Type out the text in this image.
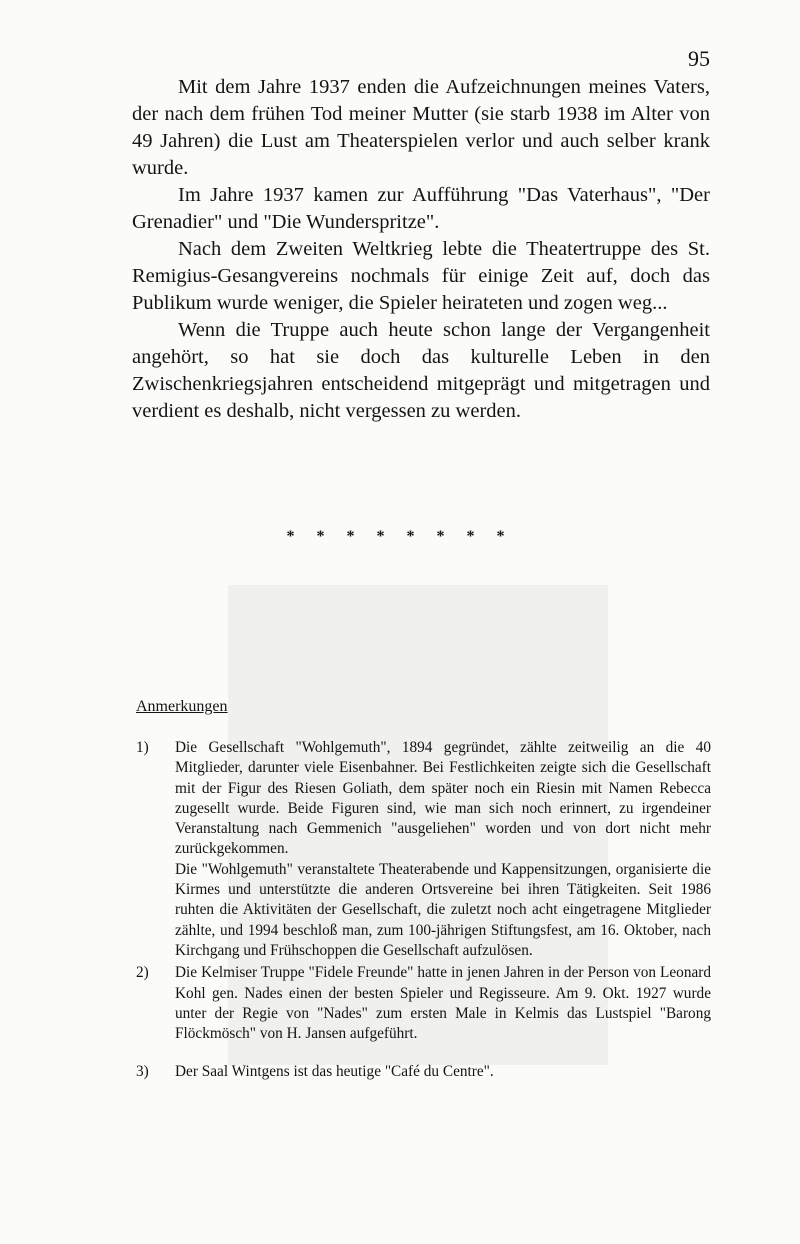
95

Mit dem Jahre 1937 enden die Aufzeichnungen meines Vaters, der nach dem frühen Tod meiner Mutter (sie starb 1938 im Alter von 49 Jahren) die Lust am Theaterspielen verlor und auch selber krank wurde.

Im Jahre 1937 kamen zur Aufführung "Das Vaterhaus", "Der Grenadier" und "Die Wunderspritze".

Nach dem Zweiten Weltkrieg lebte die Theatertruppe des St. Remigius-Gesangvereins nochmals für einige Zeit auf, doch das Publikum wurde weniger, die Spieler heirateten und zogen weg...

Wenn die Truppe auch heute schon lange der Vergangenheit angehört, so hat sie doch das kulturelle Leben in den Zwischenkriegsjahren entscheidend mitgeprägt und mitgetragen und verdient es deshalb, nicht vergessen zu werden.

* * * * * * * *
Anmerkungen
1) Die Gesellschaft "Wohlgemuth", 1894 gegründet, zählte zeitweilig an die 40 Mitglieder, darunter viele Eisenbahner. Bei Festlichkeiten zeigte sich die Gesellschaft mit der Figur des Riesen Goliath, dem später noch ein Riesin mit Namen Rebecca zugesellt wurde. Beide Figuren sind, wie man sich noch erinnert, zu irgendeiner Veranstaltung nach Gemmenich "ausgeliehen" worden und von dort nicht mehr zurückgekommen.

Die "Wohlgemuth" veranstaltete Theaterabende und Kappensitzungen, organisierte die Kirmes und unterstützte die anderen Ortsvereine bei ihren Tätigkeiten. Seit 1986 ruhten die Aktivitäten der Gesellschaft, die zuletzt noch acht eingetragene Mitglieder zählte, und 1994 beschloß man, zum 100-jährigen Stiftungsfest, am 16. Oktober, nach Kirchgang und Frühschoppen die Gesellschaft aufzulösen.

2) Die Kelmiser Truppe "Fidele Freunde" hatte in jenen Jahren in der Person von Leonard Kohl gen. Nades einen der besten Spieler und Regisseure. Am 9. Okt. 1927 wurde unter der Regie von "Nades" zum ersten Male in Kelmis das Lustspiel "Barong Flöckmösch" von H. Jansen aufgeführt.

3) Der Saal Wintgens ist das heutige "Café du Centre".
